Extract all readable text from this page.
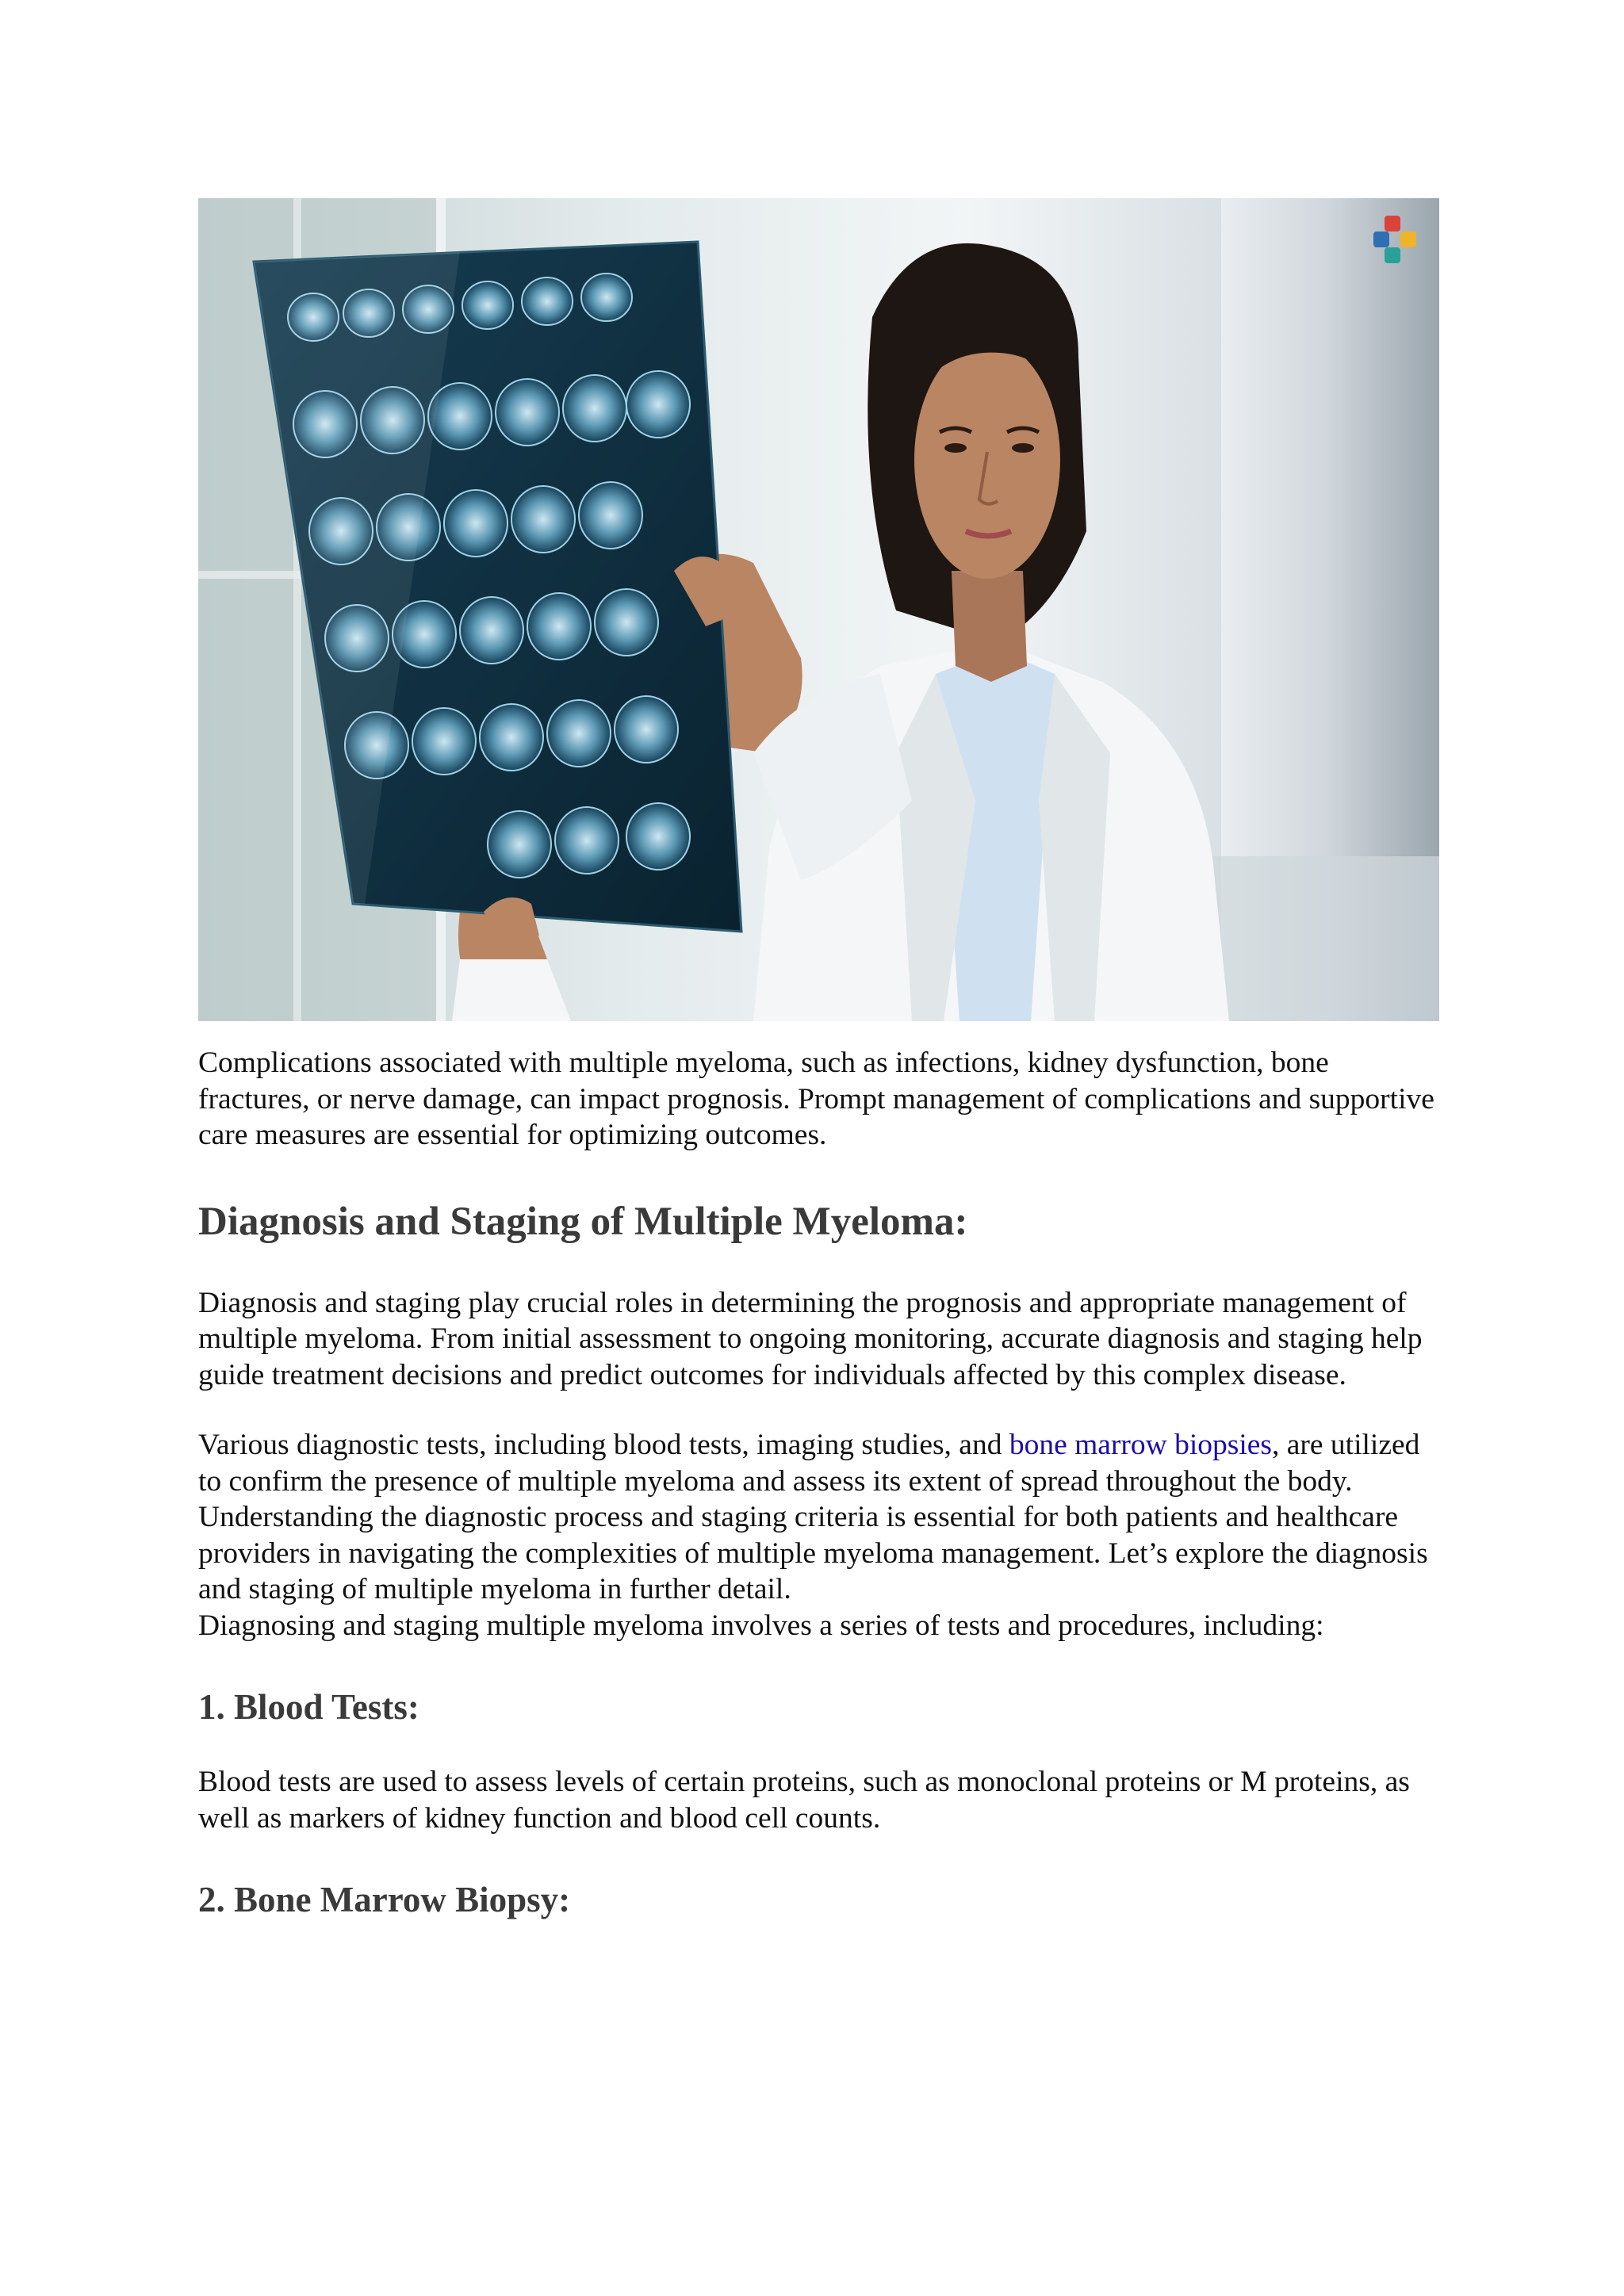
Complications associated with multiple myeloma, such as infections, kidney dysfunction, bone fractures, or nerve damage, can impact prognosis. Prompt management of complications and supportive care measures are essential for optimizing outcomes.

Diagnosis and Staging of Multiple Myeloma:

Diagnosis and staging play crucial roles in determining the prognosis and appropriate management of multiple myeloma. From initial assessment to ongoing monitoring, accurate diagnosis and staging help guide treatment decisions and predict outcomes for individuals affected by this complex disease.

Various diagnostic tests, including blood tests, imaging studies, and bone marrow biopsies, are utilized to confirm the presence of multiple myeloma and assess its extent of spread throughout the body. Understanding the diagnostic process and staging criteria is essential for both patients and healthcare providers in navigating the complexities of multiple myeloma management. Let’s explore the diagnosis and staging of multiple myeloma in further detail.

Diagnosing and staging multiple myeloma involves a series of tests and procedures, including:

1. Blood Tests:

Blood tests are used to assess levels of certain proteins, such as monoclonal proteins or M proteins, as well as markers of kidney function and blood cell counts.

2. Bone Marrow Biopsy:
